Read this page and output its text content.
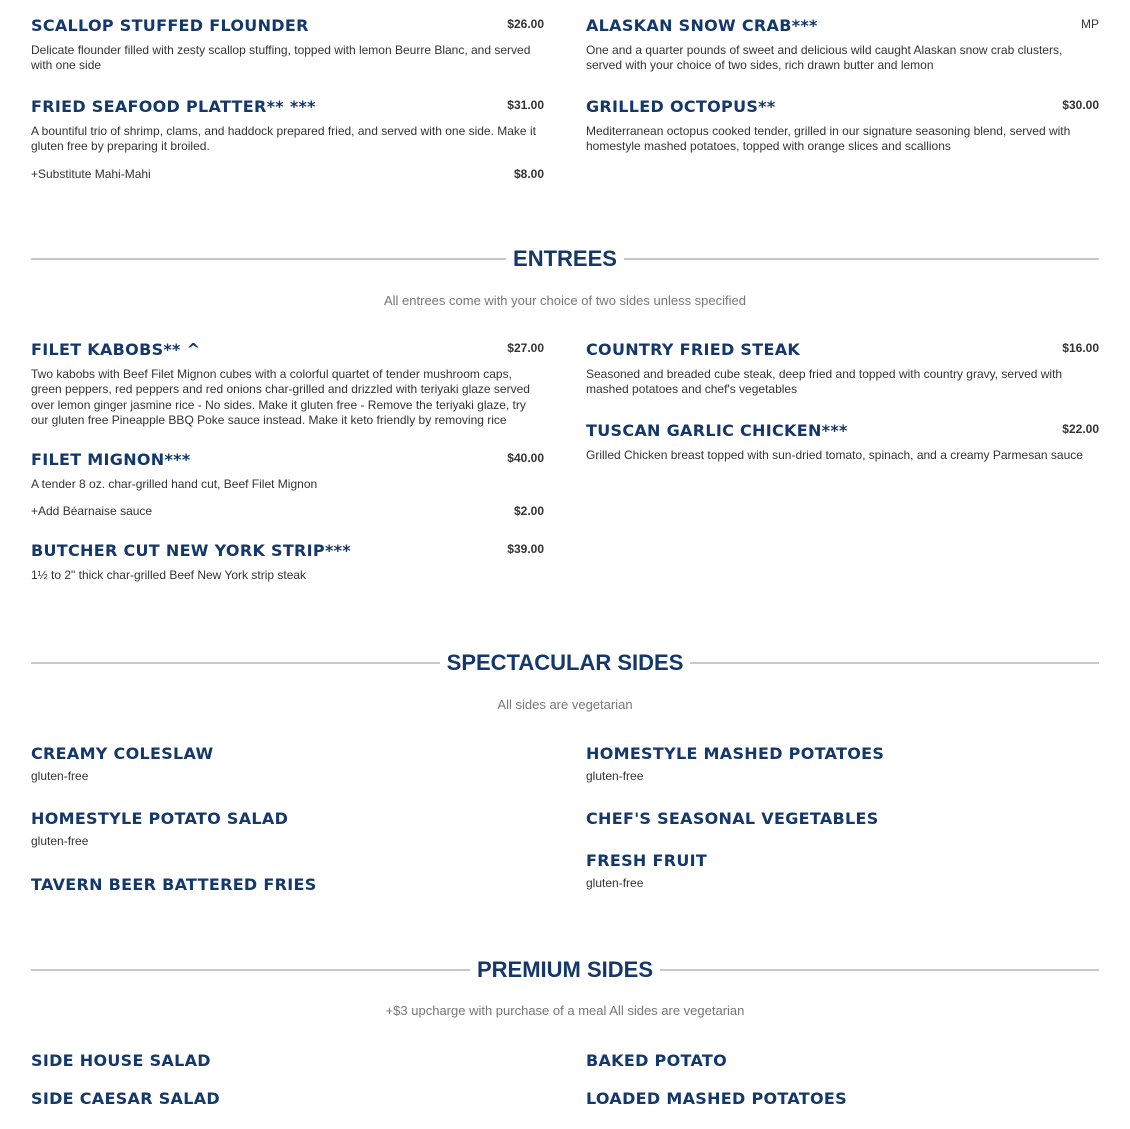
SCALLOP STUFFED FLOUNDER	$26.00
Delicate flounder filled with zesty scallop stuffing, topped with lemon Beurre Blanc, and served with one side
FRIED SEAFOOD PLATTER** ***	$31.00
A bountiful trio of shrimp, clams, and haddock prepared fried, and served with one side. Make it gluten free by preparing it broiled.
+Substitute Mahi-Mahi	$8.00
ALASKAN SNOW CRAB***	MP
One and a quarter pounds of sweet and delicious wild caught Alaskan snow crab clusters, served with your choice of two sides, rich drawn butter and lemon
GRILLED OCTOPUS**	$30.00
Mediterranean octopus cooked tender, grilled in our signature seasoning blend, served with homestyle mashed potatoes, topped with orange slices and scallions
ENTREES
All entrees come with your choice of two sides unless specified
FILET KABOBS** ^	$27.00
Two kabobs with Beef Filet Mignon cubes with a colorful quartet of tender mushroom caps, green peppers, red peppers and red onions char-grilled and drizzled with teriyaki glaze served over lemon ginger jasmine rice - No sides. Make it gluten free - Remove the teriyaki glaze, try our gluten free Pineapple BBQ Poke sauce instead. Make it keto friendly by removing rice
FILET MIGNON***	$40.00
A tender 8 oz. char-grilled hand cut, Beef Filet Mignon
+Add Béarnaise sauce	$2.00
BUTCHER CUT NEW YORK STRIP***	$39.00
1½ to 2" thick char-grilled Beef New York strip steak
COUNTRY FRIED STEAK	$16.00
Seasoned and breaded cube steak, deep fried and topped with country gravy, served with mashed potatoes and chef's vegetables
TUSCAN GARLIC CHICKEN***	$22.00
Grilled Chicken breast topped with sun-dried tomato, spinach, and a creamy Parmesan sauce
SPECTACULAR SIDES
All sides are vegetarian
CREAMY COLESLAW
gluten-free
HOMESTYLE POTATO SALAD
gluten-free
TAVERN BEER BATTERED FRIES
HOMESTYLE MASHED POTATOES
gluten-free
CHEF'S SEASONAL VEGETABLES
FRESH FRUIT
gluten-free
PREMIUM SIDES
+$3 upcharge with purchase of a meal All sides are vegetarian
SIDE HOUSE SALAD
SIDE CAESAR SALAD
BAKED POTATO
LOADED MASHED POTATOES
